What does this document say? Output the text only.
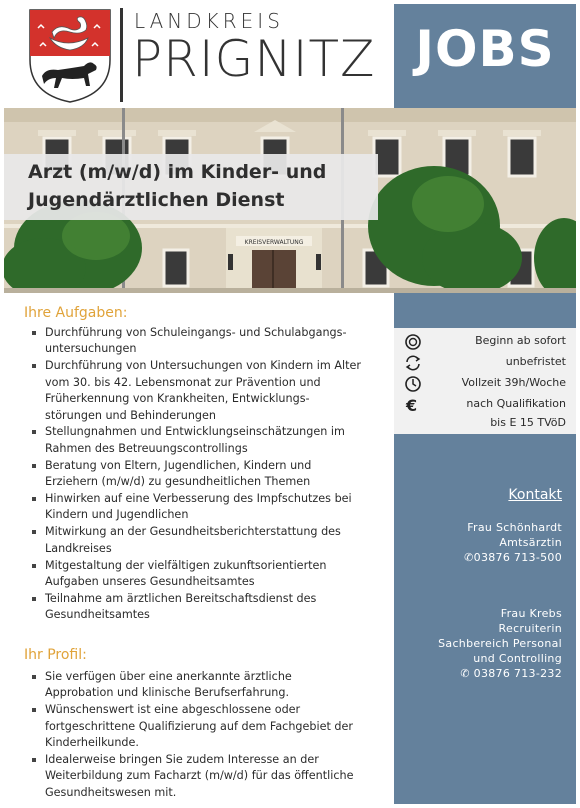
LANDKREIS
PRIGNITZ JOBS
KREISVERWALTUNG
Arzt (m/w/d) im Kinder- und
Jugendärztlichen Dienst
Ihre Aufgaben:
Durchführung von Schuleingangs- und Schulabgangs-
untersuchungen
Durchführung von Untersuchungen von Kindern im Alter
vom 30. bis 42. Lebensmonat zur Prävention und
Früherkennung von Krankheiten, Entwicklungs-
störungen und Behinderungen
Stellungnahmen und Entwicklungseinschätzungen im
Rahmen des Betreuungscontrollings
Beratung von Eltern, Jugendlichen, Kindern und
Erziehern (m/w/d) zu gesundheitlichen Themen
Hinwirken auf eine Verbesserung des Impfschutzes bei
Kindern und Jugendlichen
Mitwirkung an der Gesundheitsberichterstattung des
Landkreises
Mitgestaltung der vielfältigen zukunftsorientierten
Aufgaben unseres Gesundheitsamtes
Teilnahme am ärztlichen Bereitschaftsdienst des
Gesundheitsamtes
Ihr Profil:
Sie verfügen über eine anerkannte ärztliche
Approbation und klinische Berufserfahrung.
Wünschenswert ist eine abgeschlossene oder
fortgeschrittene Qualifizierung auf dem Fachgebiet der
Kinderheilkunde.
Idealerweise bringen Sie zudem Interesse an der
Weiterbildung zum Facharzt (m/w/d) für das öffentliche
Gesundheitswesen mit.
Beginn ab sofort
unbefristet
Vollzeit 39h/Woche
€	nach Qualifikation
bis E 15 TVöD
Kontakt
Frau Schönhardt
Amtsärztin
✆03876 713-500
Frau Krebs
Recruiterin
Sachbereich Personal
und Controlling
✆ 03876 713-232
